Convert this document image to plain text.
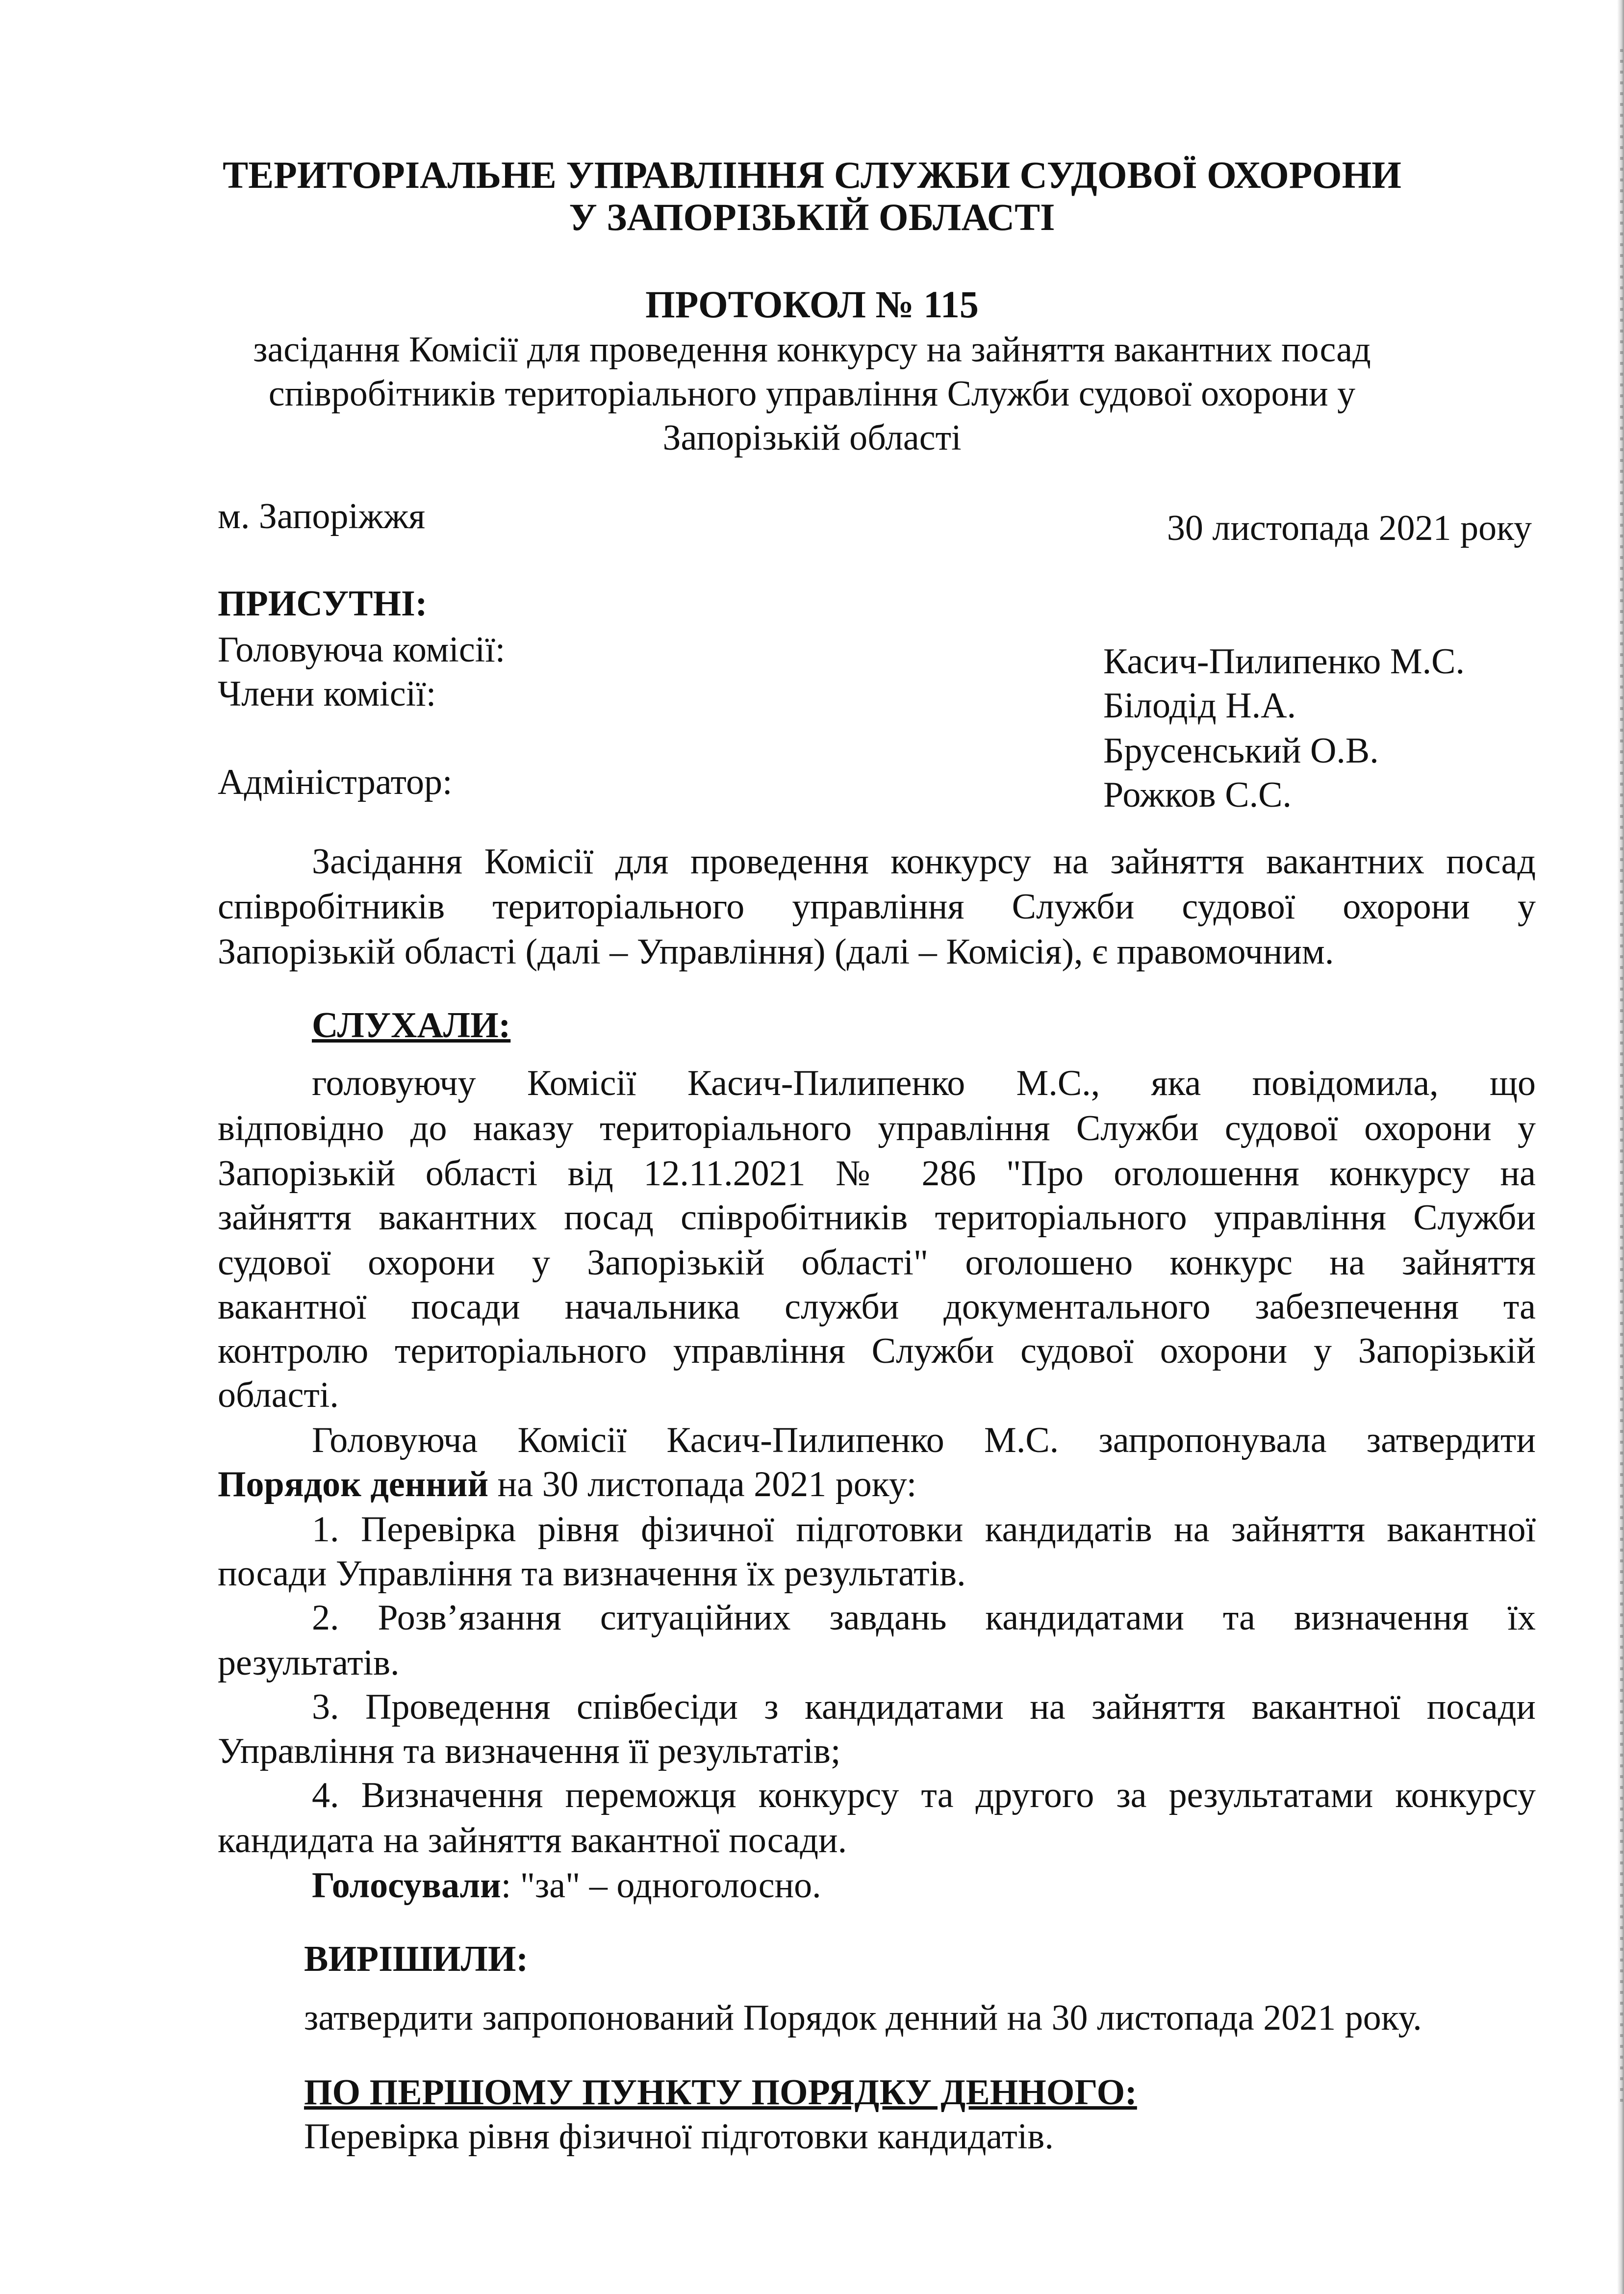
ТЕРИТОРІАЛЬНЕ УПРАВЛІННЯ СЛУЖБИ СУДОВОЇ ОХОРОНИ
У ЗАПОРІЗЬКІЙ ОБЛАСТІ
ПРОТОКОЛ № 115
засідання Комісії для проведення конкурсу на зайняття вакантних посад
співробітників територіального управління Служби судової охорони у
Запорізькій області
м. Запоріжжя	30 листопада 2021 року
ПРИСУТНІ:
Головуюча комісії:
Члени комісії:
Адміністратор:
Касич-Пилипенко М.С.
Білодід Н.А.
Брусенський О.В.
Рожков С.С.
Засідання Комісії для проведення конкурсу на зайняття вакантних посад
співробітників територіального управління Служби судової охорони у
Запорізькій області (далі – Управління) (далі – Комісія), є правомочним.
СЛУХАЛИ:
головуючу Комісії Касич-Пилипенко М.С., яка повідомила, що
відповідно до наказу територіального управління Служби судової охорони у
Запорізькій області від 12.11.2021 № 286 "Про оголошення конкурсу на
зайняття вакантних посад співробітників територіального управління Служби
судової охорони у Запорізькій області" оголошено конкурс на зайняття
вакантної посади начальника служби документального забезпечення та
контролю територіального управління Служби судової охорони у Запорізькій
області.
Головуюча Комісії Касич-Пилипенко М.С. запропонувала затвердити
Порядок денний на 30 листопада 2021 року:
1. Перевірка рівня фізичної підготовки кандидатів на зайняття вакантної
посади Управління та визначення їх результатів.
2. Розв’язання ситуаційних завдань кандидатами та визначення їх
результатів.
3. Проведення співбесіди з кандидатами на зайняття вакантної посади
Управління та визначення її результатів;
4. Визначення переможця конкурсу та другого за результатами конкурсу
кандидата на зайняття вакантної посади.
Голосували: "за" – одноголосно.
ВИРІШИЛИ:
затвердити запропонований Порядок денний на 30 листопада 2021 року.
ПО ПЕРШОМУ ПУНКТУ ПОРЯДКУ ДЕННОГО:
Перевірка рівня фізичної підготовки кандидатів.
